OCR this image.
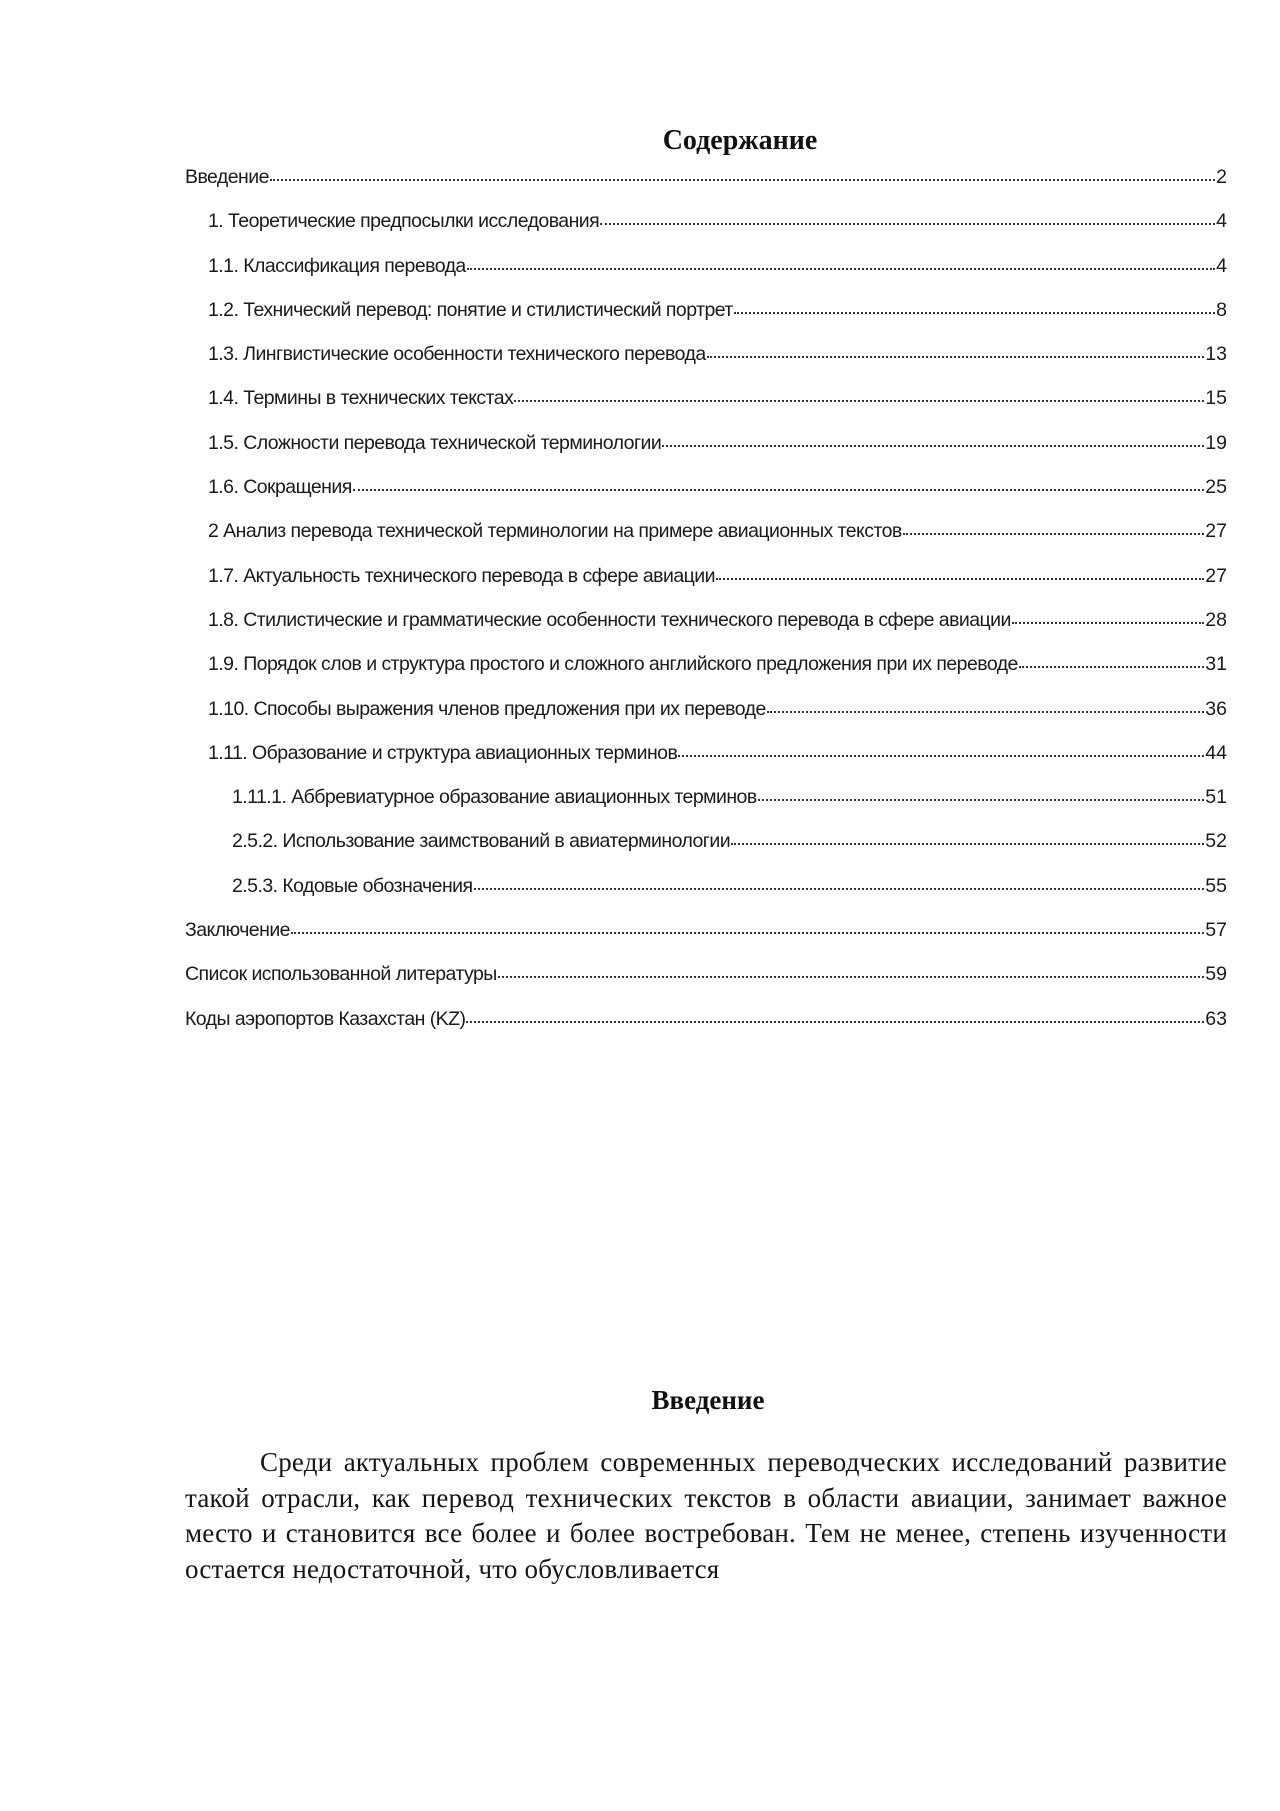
Содержание
Введение	2
1. Теоретические предпосылки исследования	4
1.1. Классификация перевода	4
1.2. Технический перевод: понятие и стилистический портрет	8
1.3. Лингвистические особенности технического перевода	13
1.4. Термины в технических текстах	15
1.5. Сложности перевода технической терминологии	19
1.6. Сокращения	25
2 Анализ перевода технической терминологии на примере авиационных текстов	27
1.7. Актуальность технического перевода в сфере авиации	27
1.8. Стилистические и грамматические особенности технического перевода в сфере авиации	28
1.9. Порядок слов и структура простого и сложного английского предложения при их переводе	31
1.10. Способы выражения членов предложения при их переводе	36
1.11. Образование и структура авиационных терминов	44
1.11.1. Аббревиатурное образование авиационных терминов	51
2.5.2. Использование заимствований в авиатерминологии	52
2.5.3. Кодовые обозначения	55
Заключение	57
Список использованной литературы	59
Коды аэропортов Казахстан (KZ)	63
Введение

Среди актуальных проблем современных переводческих исследований развитие такой отрасли, как перевод технических текстов в области авиации, занимает важное место и становится все более и более востребован. Тем не менее, степень изученности остается недостаточной, что обусловливается
